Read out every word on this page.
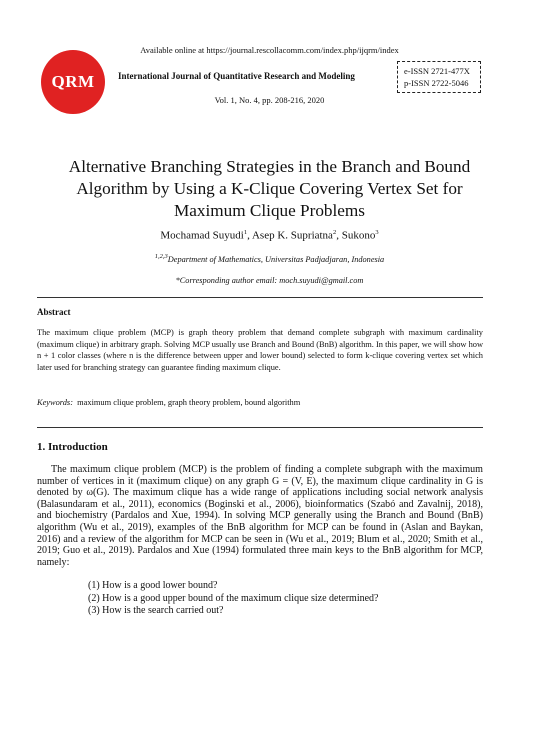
QRM
Available online at https://journal.rescollacomm.com/index.php/ijqrm/index
International Journal of Quantitative Research and Modeling
Vol. 1, No. 4, pp. 208-216, 2020
e-ISSN 2721-477X
p-ISSN 2722-5046
Alternative Branching Strategies in the Branch and Bound
Algorithm by Using a K-Clique Covering Vertex Set for
Maximum Clique Problems
Mochamad Suyudi$^1$, Asep K. Supriatna$^2$, Sukono$^3$
$^{1,2,3}$Department of Mathematics, Universitas Padjadjaran, Indonesia
*Corresponding author email: moch.suyudi@gmail.com
Abstract
The maximum clique problem (MCP) is graph theory problem that demand complete subgraph with maximum cardinality (maximum clique) in arbitrary graph. Solving MCP usually use Branch and Bound (BnB) algorithm. In this paper, we will show how n + 1 color classes (where n is the difference between upper and lower bound) selected to form k-clique covering vertex set which later used for branching strategy can guarantee finding maximum clique.
Keywords: maximum clique problem, graph theory problem, bound algorithm
1. Introduction
The maximum clique problem (MCP) is the problem of finding a complete subgraph with the maximum number of vertices in it (maximum clique) on any graph G = (V, E), the maximum clique cardinality in G is denoted by ω(G). The maximum clique has a wide range of applications including social network analysis (Balasundaram et al., 2011), economics (Boginski et al., 2006), bioinformatics (Szabó and Zavalnij, 2018), and biochemistry (Pardalos and Xue, 1994). In solving MCP generally using the Branch and Bound (BnB) algorithm (Wu et al., 2019), examples of the BnB algorithm for MCP can be found in (Aslan and Baykan, 2016) and a review of the algorithm for MCP can be seen in (Wu et al., 2019; Blum et al., 2020; Smith et al., 2019; Guo et al., 2019). Pardalos and Xue (1994) formulated three main keys to the BnB algorithm for MCP, namely:
(1) How is a good lower bound?
(2) How is a good upper bound of the maximum clique size determined?
(3) How is the search carried out?
